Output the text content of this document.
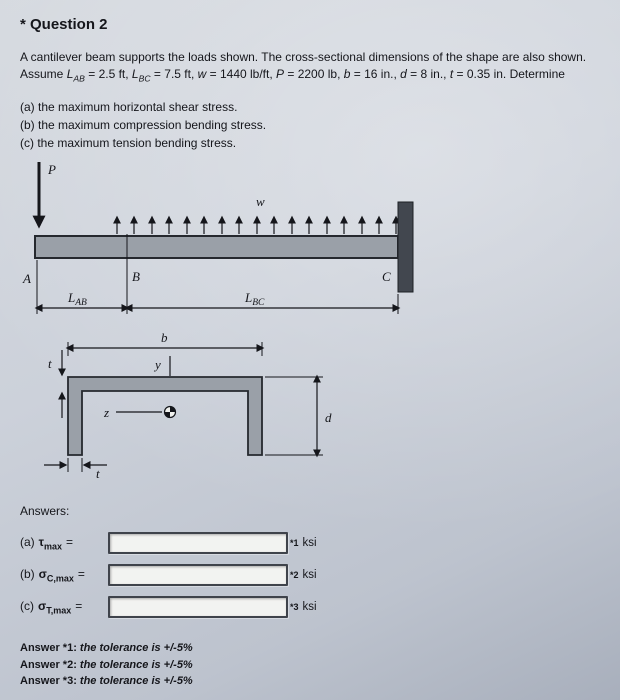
* Question 2

A cantilever beam supports the loads shown. The cross-sectional dimensions of the shape are also shown. Assume $L_{AB} = 2.5$ ft, $L_{BC} = 7.5$ ft, w = 1440 lb/ft, P = 2200 lb, b = 16 in., d = 8 in., t = 0.35 in. Determine

(a) the maximum horizontal shear stress.
(b) the maximum compression bending stress.
(c) the maximum tension bending stress.
P
w
A	B	C
$L_{AB}$	$L_{BC}$
b
y
t
z	d
t
Answers:
(a) $\tau_{max}$ =	*1 ksi
(b) $\sigma_{C,max}$ =	*2 ksi
(c) $\sigma_{T,max}$ =	*3 ksi
Answer *1: the tolerance is +/-5%
Answer *2: the tolerance is +/-5%
Answer *3: the tolerance is +/-5%
